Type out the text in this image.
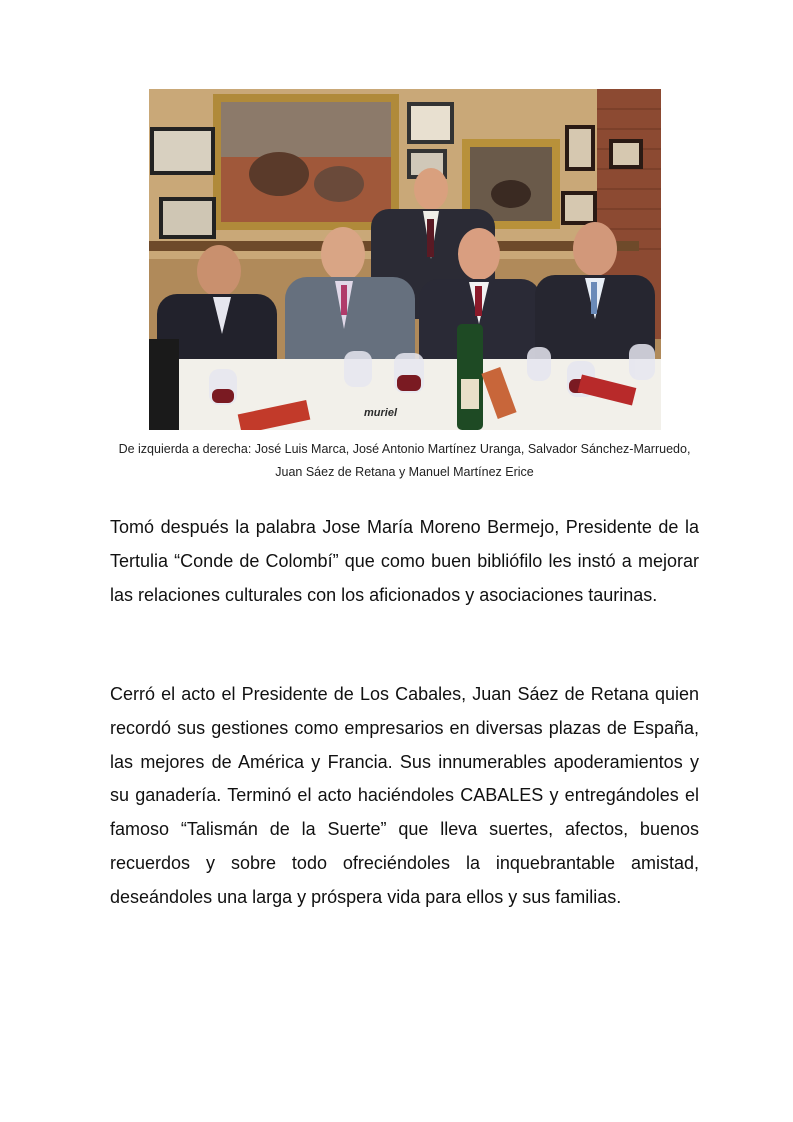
muriel
De izquierda a derecha: José Luis Marca, José Antonio Martínez Uranga, Salvador Sánchez-Marruedo, Juan Sáez de Retana y Manuel Martínez Erice

Tomó después la palabra Jose María Moreno Bermejo, Presidente de la Tertulia “Conde de Colombí” que como buen bibliófilo les instó a mejorar las relaciones culturales con los aficionados y asociaciones taurinas.

Cerró el acto el Presidente de Los Cabales, Juan Sáez de Retana quien recordó sus gestiones como empresarios en diversas plazas de España, las mejores de América y Francia. Sus innumerables apoderamientos y su ganadería. Terminó el acto haciéndoles CABALES y entregándoles el famoso “Talismán de la Suerte” que lleva suertes, afectos, buenos recuerdos y sobre todo ofreciéndoles la inquebrantable amistad, deseándoles una larga y próspera vida para ellos y sus familias.
